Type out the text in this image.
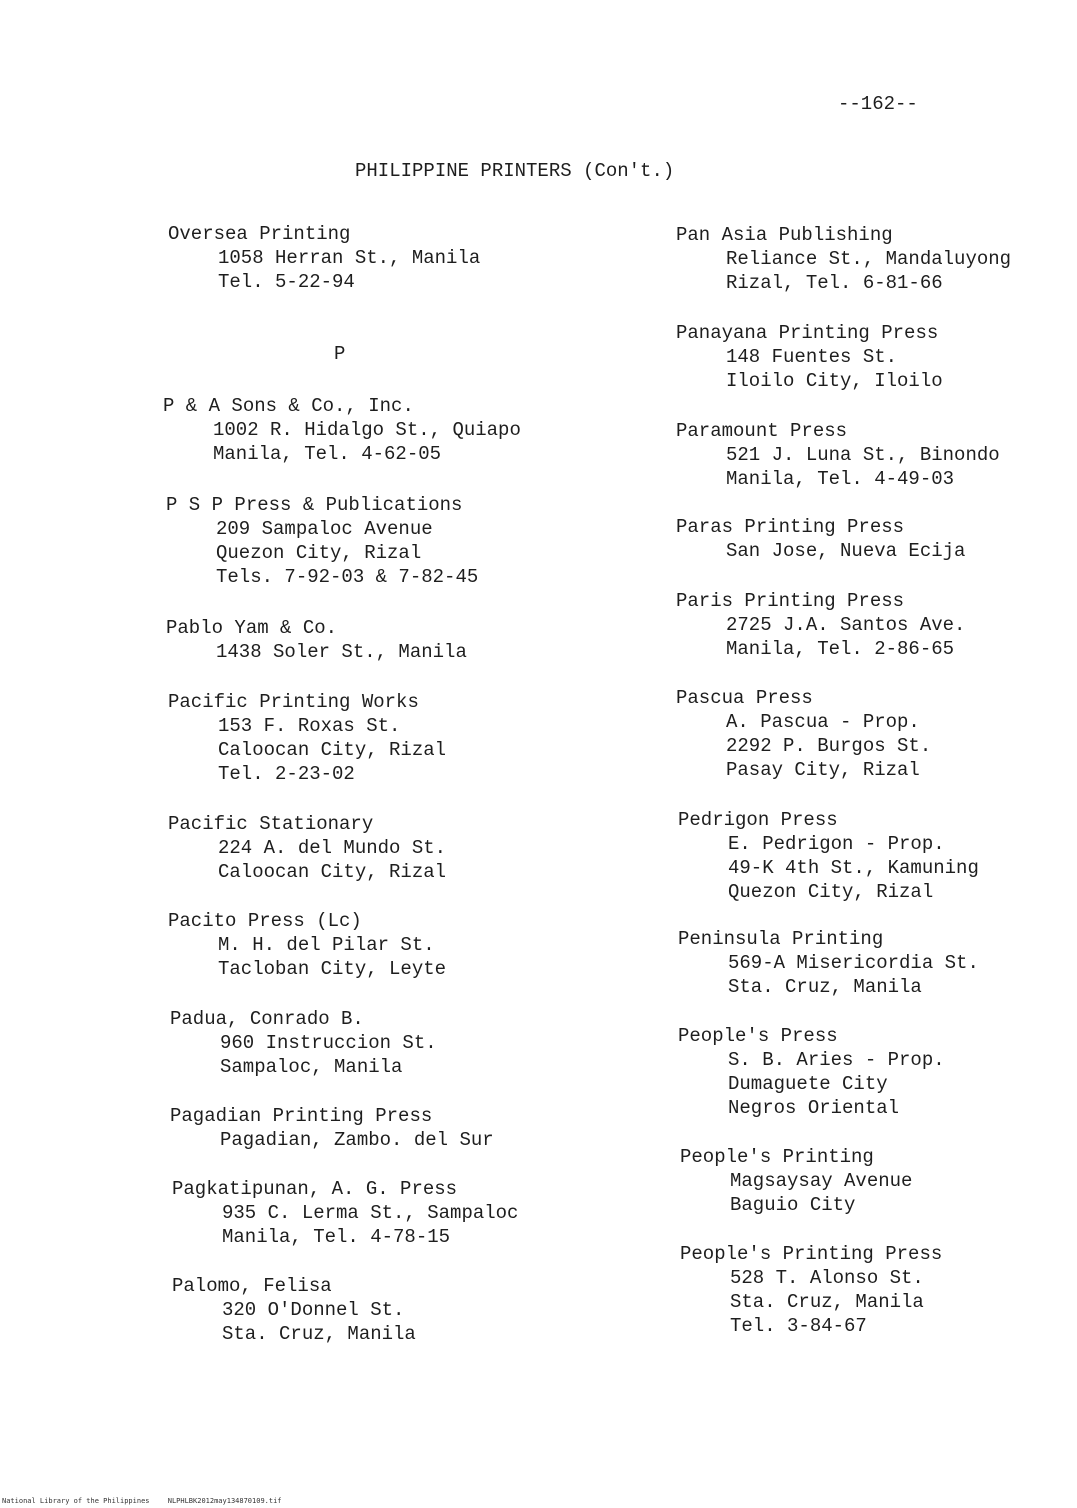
--162--
PHILIPPINE PRINTERS (Con't.)
P
Oversea Printing
1058 Herran St., Manila
Tel. 5-22-94
P & A Sons & Co., Inc.
1002 R. Hidalgo St., Quiapo
Manila, Tel. 4-62-05
P S P Press & Publications
209 Sampaloc Avenue
Quezon City, Rizal
Tels. 7-92-03 & 7-82-45
Pablo Yam & Co.
1438 Soler St., Manila
Pacific Printing Works
153 F. Roxas St.
Caloocan City, Rizal
Tel. 2-23-02
Pacific Stationary
224 A. del Mundo St.
Caloocan City, Rizal
Pacito Press (Lc)
M. H. del Pilar St.
Tacloban City, Leyte
Padua, Conrado B.
960 Instruccion St.
Sampaloc, Manila
Pagadian Printing Press
Pagadian, Zambo. del Sur
Pagkatipunan, A. G. Press
935 C. Lerma St., Sampaloc
Manila, Tel. 4-78-15
Palomo, Felisa
320 O'Donnel St.
Sta. Cruz, Manila
Pan Asia Publishing
Reliance St., Mandaluyong
Rizal, Tel. 6-81-66
Panayana Printing Press
148 Fuentes St.
Iloilo City, Iloilo
Paramount Press
521 J. Luna St., Binondo
Manila, Tel. 4-49-03
Paras Printing Press
San Jose, Nueva Ecija
Paris Printing Press
2725 J.A. Santos Ave.
Manila, Tel. 2-86-65
Pascua Press
A. Pascua - Prop.
2292 P. Burgos St.
Pasay City, Rizal
Pedrigon Press
E. Pedrigon - Prop.
49-K 4th St., Kamuning
Quezon City, Rizal
Peninsula Printing
569-A Misericordia St.
Sta. Cruz, Manila
People's Press
S. B. Aries - Prop.
Dumaguete City
Negros Oriental
People's Printing
Magsaysay Avenue
Baguio City
People's Printing Press
528 T. Alonso St.
Sta. Cruz, Manila
Tel. 3-84-67
National Library of the Philippines	NLPHLBK2012may134870109.tif
